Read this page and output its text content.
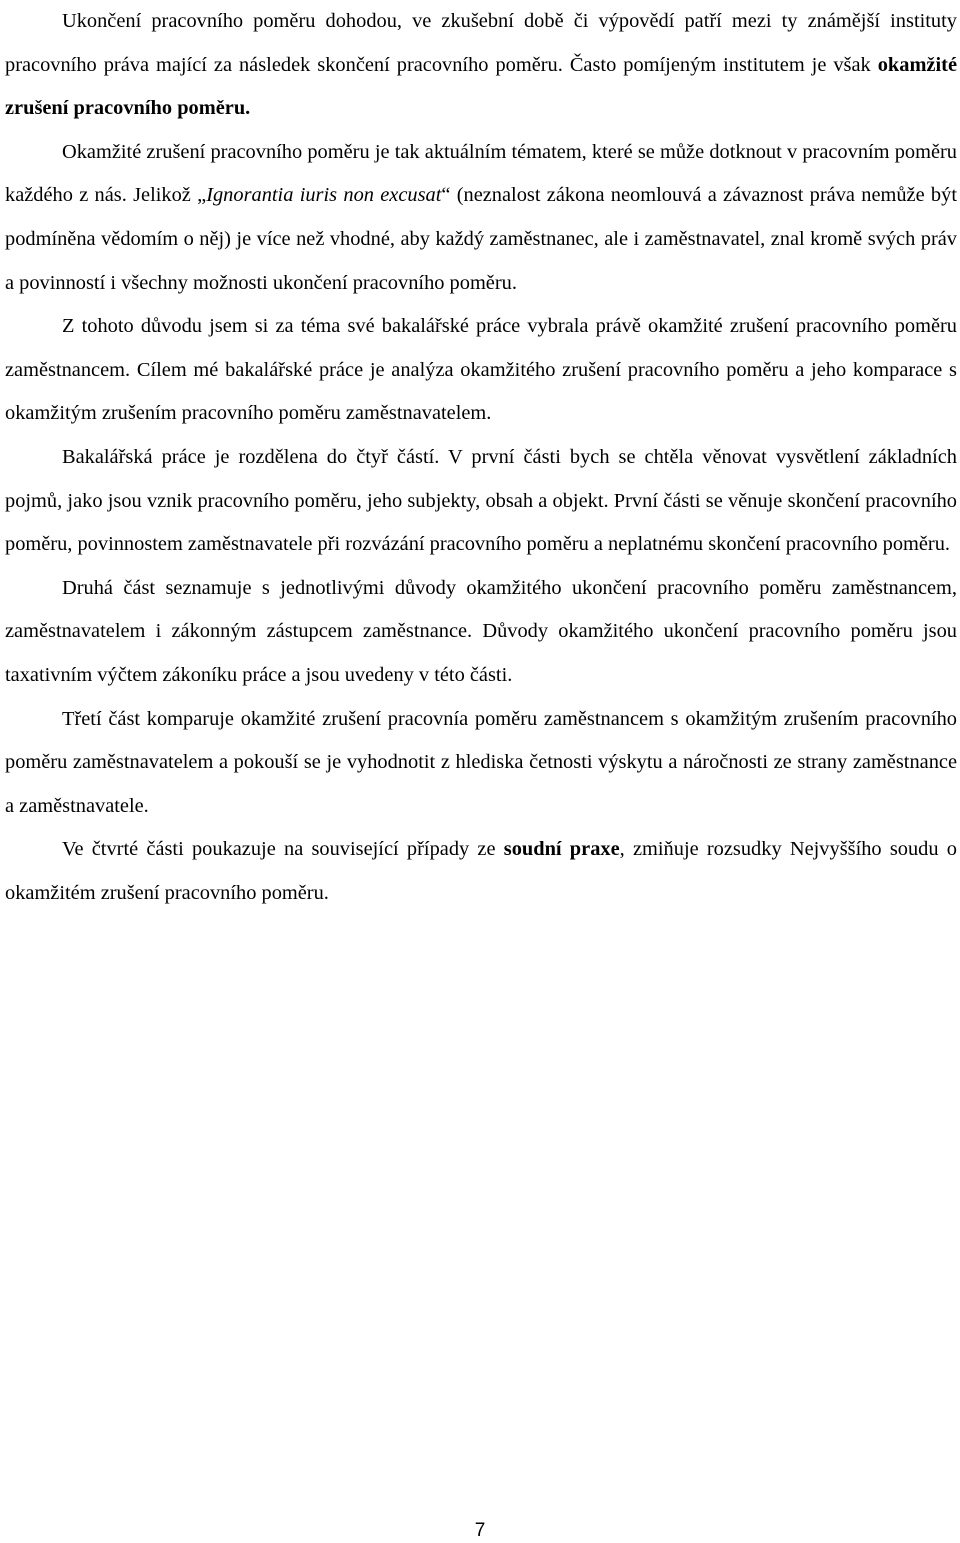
Ukončení pracovního poměru dohodou, ve zkušební době či výpovědí patří mezi ty známější instituty pracovního práva mající za následek skončení pracovního poměru. Často pomíjeným institutem je však okamžité zrušení pracovního poměru.

Okamžité zrušení pracovního poměru je tak aktuálním tématem, které se může dotknout v pracovním poměru každého z nás. Jelikož „Ignorantia iuris non excusat“ (neznalost zákona neomlouvá a závaznost práva nemůže být podmíněna vědomím o něj) je více než vhodné, aby každý zaměstnanec, ale i zaměstnavatel, znal kromě svých práv a povinností i všechny možnosti ukončení pracovního poměru.

Z tohoto důvodu jsem si za téma své bakalářské práce vybrala právě okamžité zrušení pracovního poměru zaměstnancem. Cílem mé bakalářské práce je analýza okamžitého zrušení pracovního poměru a jeho komparace s okamžitým zrušením pracovního poměru zaměstnavatelem.

Bakalářská práce je rozdělena do čtyř částí. V první části bych se chtěla věnovat vysvětlení základních pojmů, jako jsou vznik pracovního poměru, jeho subjekty, obsah a objekt. První části se věnuje skončení pracovního poměru, povinnostem zaměstnavatele při rozvázání pracovního poměru a neplatnému skončení pracovního poměru.

Druhá část seznamuje s jednotlivými důvody okamžitého ukončení pracovního poměru zaměstnancem, zaměstnavatelem i zákonným zástupcem zaměstnance. Důvody okamžitého ukončení pracovního poměru jsou taxativním výčtem zákoníku práce a jsou uvedeny v této části.

Třetí část komparuje okamžité zrušení pracovnía poměru zaměstnancem s okamžitým zrušením pracovního poměru zaměstnavatelem a pokouší se je vyhodnotit z hlediska četnosti výskytu a náročnosti ze strany zaměstnance a zaměstnavatele.

Ve čtvrté části poukazuje na související případy ze soudní praxe, zmiňuje rozsudky Nejvyššího soudu o okamžitém zrušení pracovního poměru.

7
